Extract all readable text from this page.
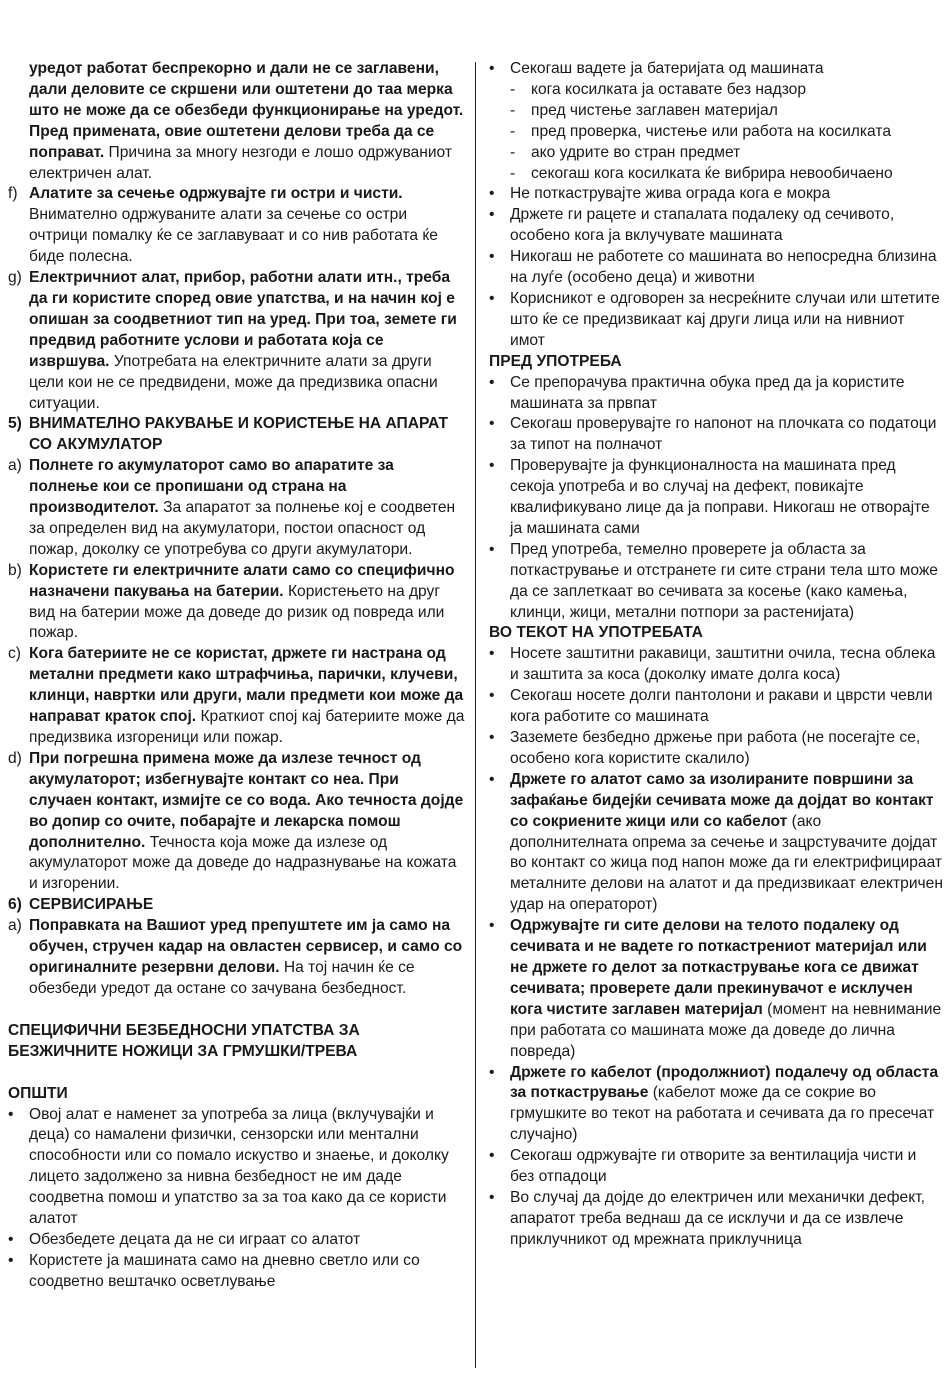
уредот работат беспрекорно и дали не се заглавени, дали деловите се скршени или оштетени до таа мерка што не може да се обезбеди функционирање на уредот. Пред примената, овие оштетени делови треба да се поправат. Причина за многу незгоди е лошо одржуваниот електричен алат.
f) Алатите за сечење одржувајте ги остри и чисти. Внимателно одржуваните алати за сечење со остри очтрици помалку ќе се заглавуваат и со нив работата ќе биде полесна.
g) Електричниот алат, прибор, работни алати итн., треба да ги користите според овие упатства, и на начин кој е опишан за соодветниот тип на уред. При тоа, земете ги предвид работните услови и работата која се извршува. Употребата на електричните алати за други цели кои не се предвидени, може да предизвика опасни ситуации.
5) ВНИМАТЕЛНО РАКУВАЊЕ И КОРИСТЕЊЕ НА АПАРАТ СО АКУМУЛАТОР
a) Полнете го акумулаторот само во апаратите за полнење кои се пропишани од страна на производителот. За апаратот за полнење кој е соодветен за определен вид на акумулатори, постои опасност од пожар, доколку се употребува со други акумулатори.
b) Користете ги електричните алати само со специфично назначени пакувања на батерии. Користењето на друг вид на батерии може да доведе до ризик од повреда или пожар.
c) Кога батериите не се користат, држете ги настрана од метални предмети како штрафчиња, парички, клучеви, клинци, навртки или други, мали предмети кои може да направат краток спој. Краткиот спој кај батериите може да предизвика изгореници или пожар.
d) При погрешна примена може да излезе течност од акумулаторот; избегнувајте контакт со неа. При случаен контакт, измијте се со вода. Ако течноста дојде во допир со очите, побарајте и лекарска помош дополнително. Течноста која може да излезе од акумулаторот може да доведе до надразнување на кожата и изгорении.
6) СЕРВИСИРАЊЕ
a) Поправката на Вашиот уред препуштете им ја само на обучен, стручен кадар на овластен сервисер, и само со оригиналните резервни делови. На тој начин ќе се обезбеди уредот да остане со зачувана безбедност.
СПЕЦИФИЧНИ БЕЗБЕДНОСНИ УПАТСТВА ЗА БЕЗЖИЧНИТЕ НОЖИЦИ ЗА ГРМУШКИ/ТРЕВА
ОПШТИ
• Овој алат е наменет за употреба за лица (вклучувајќи и деца) со намалени физички, сензорски или ментални способности или со помало искуство и знаење, и доколку лицето задолжено за нивна безбедност не им даде соодветна помош и упатство за за тоа како да се користи алатот
• Обезбедете децата да не си играат со алатот
• Користете ја машината само на дневно светло или со соодветно вештачко осветлување
• Секогаш вадете ја батеријата од машината
- кога косилката ја оставате без надзор
- пред чистење заглавен материјал
- пред проверка, чистење или работа на косилката
- ако удрите во стран предмет
- секогаш кога косилката ќе вибрира невообичаено
• Не поткаструвајте жива ограда кога е мокра
• Држете ги рацете и стапалата подалеку од сечивото, особено кога ја вклучувате машината
• Никогаш не работете со машината во непосредна близина на луѓе (особено деца) и животни
• Корисникот е одговорен за несреќните случаи или штетите што ќе се предизвикаат кај други лица или на нивниот имот
ПРЕД УПОТРЕБА
• Се препорачува практична обука пред да ја користите машината за првпат
• Секогаш проверувајте го напонот на плочката со податоци за типот на полначот
• Проверувајте ја функционалноста на машината пред секоја употреба и во случај на дефект, повикајте квалификувано лице да ја поправи. Никогаш не отворајте ја машината сами
• Пред употреба, темелно проверете ја областа за поткастрување и отстранете ги сите страни тела што може да се заплеткаат во сечивата за косење (како камења, клинци, жици, метални потпори за растенијата)
ВО ТЕКОТ НА УПОТРЕБАТА
• Носете заштитни ракавици, заштитни очила, тесна облека и заштита за коса (доколку имате долга коса)
• Секогаш носете долги пантолони и ракави и цврсти чевли кога работите со машината
• Заземете безбедно држење при работа (не посегајте се, особено кога користите скалило)
• Држете го алатот само за изолираните површини за зафаќање бидејќи сечивата може да дојдат во контакт со сокриените жици или со кабелот (ако дополнителната опрема за сечење и зацрстувачите дојдат во контакт со жица под напон може да ги електрифицираат металните делови на алатот и да предизвикаат електричен удар на операторот)
• Одржувајте ги сите делови на телото подалеку од сечивата и не вадете го поткастрениот материјал или не држете го делот за поткастрување кога се движат сечивата; проверете дали прекинувачот е исклучен кога чистите заглавен материјал (момент на невнимание при работата со машината може да доведе до лична повреда)
• Држете го кабелот (продолжниот) подалечу од областа за поткастрување (кабелот може да се сокрие во грмушките во текот на работата и сечивата да го пресечат случајно)
• Секогаш одржувајте ги отворите за вентилација чисти и без отпадоци
• Во случај да дојде до електричен или механички дефект, апаратот треба веднаш да се исклучи и да се извлече приклучникот од мрежната приклучница
